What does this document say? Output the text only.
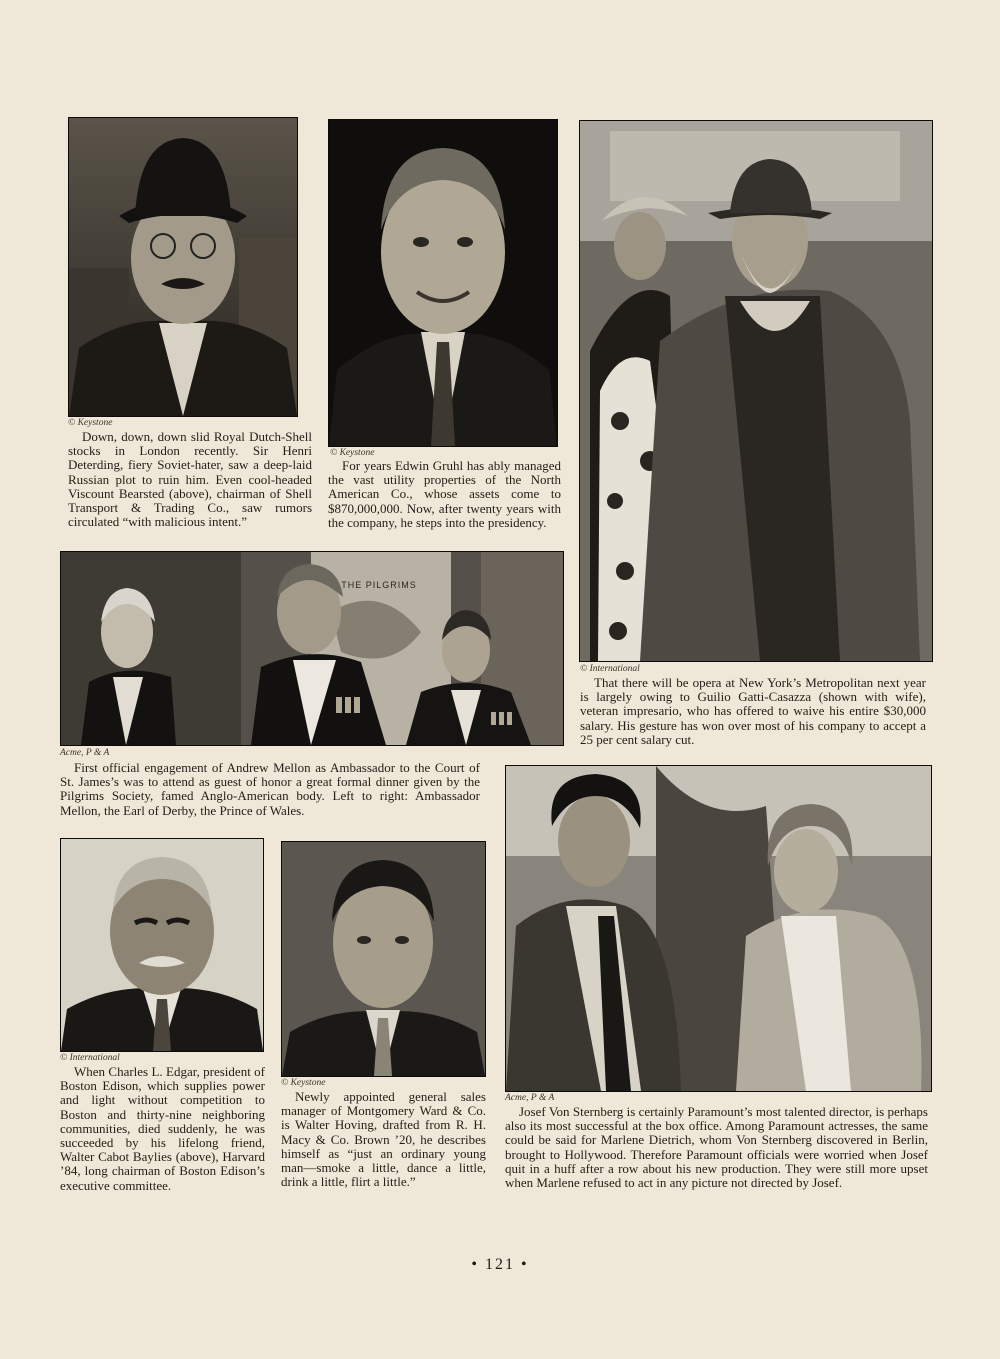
© Keystone
Down, down, down slid Royal Dutch-Shell stocks in London recently. Sir Henri Deterding, fiery Soviet-hater, saw a deep-laid Russian plot to ruin him. Even cool-headed Viscount Bearsted (above), chairman of Shell Transport & Trading Co., saw rumors circulated “with malicious intent.”
© Keystone
For years Edwin Gruhl has ably managed the vast utility properties of the North American Co., whose assets come to $870,000,000. Now, after twenty years with the company, he steps into the presidency.
© International
That there will be opera at New York’s Metropolitan next year is largely owing to Guilio Gatti-Casazza (shown with wife), veteran impresario, who has offered to waive his entire $30,000 salary. His gesture has won over most of his company to accept a 25 per cent salary cut.
THE PILGRIMS
Acme, P & A
First official engagement of Andrew Mellon as Ambassador to the Court of St. James’s was to attend as guest of honor a great formal dinner given by the Pilgrims Society, famed Anglo-American body. Left to right: Ambassador Mellon, the Earl of Derby, the Prince of Wales.
© International
When Charles L. Edgar, president of Boston Edison, which supplies power and light without competition to Boston and thirty-nine neighboring communities, died suddenly, he was succeeded by his lifelong friend, Walter Cabot Baylies (above), Harvard ’84, long chairman of Boston Edison’s executive committee.
© Keystone
Newly appointed general sales manager of Montgomery Ward & Co. is Walter Hoving, drafted from R. H. Macy & Co. Brown ’20, he describes himself as “just an ordinary young man—smoke a little, dance a little, drink a little, flirt a little.”
Acme, P & A
Josef Von Sternberg is certainly Paramount’s most talented director, is perhaps also its most successful at the box office. Among Paramount actresses, the same could be said for Marlene Dietrich, whom Von Sternberg discovered in Berlin, brought to Hollywood. Therefore Paramount officials were worried when Josef quit in a huff after a row about his new production. They were still more upset when Marlene refused to act in any picture not directed by Josef.
• 121 •
